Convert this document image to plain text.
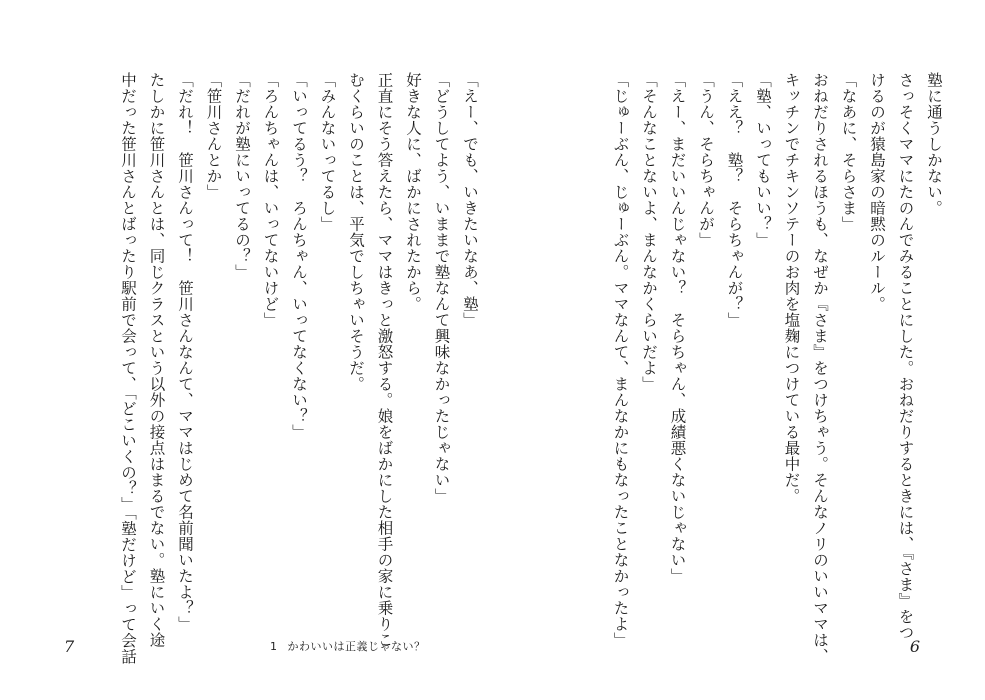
「えー、でも、いきたいなあ、塾」
「どうしてよう、いままで塾なんて興味なかったじゃない」
好きな人に、ばかにされたから。
正直にそう答えたら、ママはきっと激怒する。娘をばかにした相手の家に乗りこ
むくらいのことは、平気でしちゃいそうだ。
「みんないってるし」
「いってるう？　ろんちゃん、いってなくない？」
「ろんちゃんは、いってないけど」
「だれが塾にいってるの？」
「笹川さんとか」
「だれ！　笹川さんって！　笹川さんなんて、ママはじめて名前聞いたよ？」
たしかに笹川さんとは、同じクラスという以外の接点はまるでない。塾にいく途
中だった笹川さんとばったり駅前で会って、「どこいくの？」「塾だけど」って会話
7	1 かわいいは正義じゃない？
塾に通うしかない。
さっそくママにたのんでみることにした。おねだりするときには、『さま』をつ
けるのが猿島家の暗黙のルール。
「なあに、そらさま」
おねだりされるほうも、なぜか『さま』をつけちゃう。そんなノリのいいママは、
キッチンでチキンソテーのお肉を塩麹につけている最中だ。
「塾、いってもいい？」
「ええ？　塾？　そらちゃんが？」
「うん、そらちゃんが」
「えー、まだいいんじゃない？　そらちゃん、成績悪くないじゃない」
「そんなことないよ、まんなかくらいだよ」
「じゅーぶん、じゅーぶん。ママなんて、まんなかにもなったことなかったよ」	6
